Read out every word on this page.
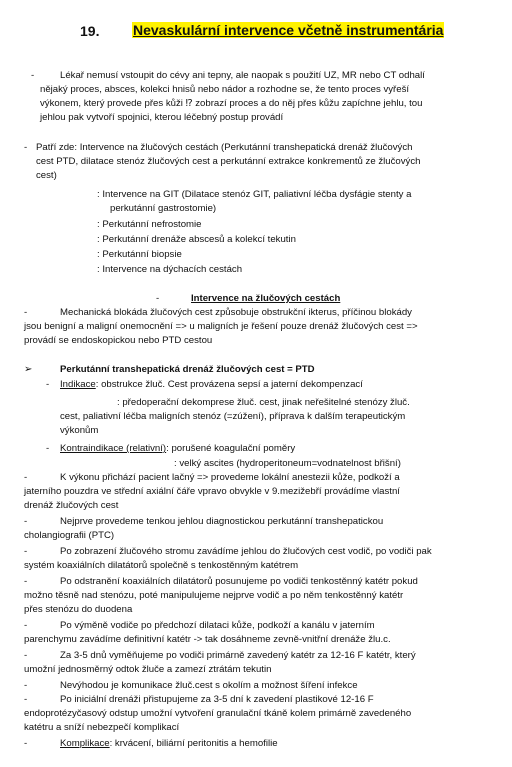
19. Nevaskulární intervence včetně instrumentária
-	Lékař nemusí vstoupit do cévy ani tepny, ale naopak s použití UZ, MR nebo CT odhalí
nějaký proces, absces, kolekci hnisů nebo nádor a rozhodne se, že tento proces vyřeší
výkonem, který provede přes kůži ⁉ zobrazí proces a do něj přes kůžu zapíchne jehlu, tou
jehlou pak vytvoří spojnici, kterou léčebný postup provádí
- Patří zde: Intervence na žlučových cestách (Perkutánní transhepatická drenáž žlučových
cest PTD, dilatace stenóz žlučových cest a perkutánní extrakce konkrementů ze žlučových
cest)
: Intervence na GIT (Dilatace stenóz GIT, paliativní léčba dysfágie stenty a
perkutánní gastrostomie)
: Perkutánní nefrostomie
: Perkutánní drenáže abscesů a kolekcí tekutin
: Perkutánní biopsie
: Intervence na dýchacích cestách
-	Intervence na žlučových cestách
-	Mechanická blokáda žlučových cest způsobuje obstrukční ikterus, příčinou blokády
jsou benigní a maligní onemocnění => u maligních je řešení pouze drenáž žlučových cest =>
provádí se endoskopickou nebo PTD cestou
➢	Perkutánní transhepatická drenáž žlučových cest = PTD
- Indikace: obstrukce žluč. Cest provázena sepsí a jaterní dekompenzací
: předoperační dekomprese žluč. cest, jinak neřešitelné stenózy žluč.
cest, paliativní léčba maligních stenóz (=zúžení), příprava k dalším terapeutickým
výkonům
- Kontraindikace (relativní): porušené koagulační poměry
: velký ascites (hydroperitoneum=vodnatelnost břišní)
-	K výkonu přichází pacient lačný => provedeme lokální anestezii kůže, podkoží a
jaterního pouzdra ve střední axiální čáře vpravo obvykle v 9.mezižebří provádíme vlastní
drenáž žlučových cest
-	Nejprve provedeme tenkou jehlou diagnostickou perkutánní transhepatickou
cholangiografii (PTC)
-	Po zobrazení žlučového stromu zavádíme jehlou do žlučových cest vodič, po vodiči pak
systém koaxiálních dilatátorů společně s tenkostěnným katétrem
-	Po odstranění koaxiálních dilatátorů posunujeme po vodiči tenkostěnný katétr pokud
možno těsně nad stenózu, poté manipulujeme nejprve vodič a po něm tenkostěnný katétr
přes stenózu do duodena
-	Po výměně vodiče po předchozí dilataci kůže, podkoží a kanálu v jaterním
parenchymu zavádíme definitivní katétr -> tak dosáhneme zevně-vnitřní drenáže žlu.c.
-	Za 3-5 dnů vyměňujeme po vodiči primárně zavedený katétr za 12-16 F katétr, který
umožní jednosměrný odtok žluče a zamezí ztrátám tekutin
-	Nevýhodou je komunikace žluč.cest s okolím a možnost šíření infekce
-	Po iniciální drenáži přistupujeme za 3-5 dní k zavedení plastikové 12-16 F
endoprotézyčasový odstup umožní vytvoření granulační tkáně kolem primárně zavedeného
katétru a sníží nebezpečí komplikací
-	Komplikace: krvácení, biliární peritonitis a hemofilie
